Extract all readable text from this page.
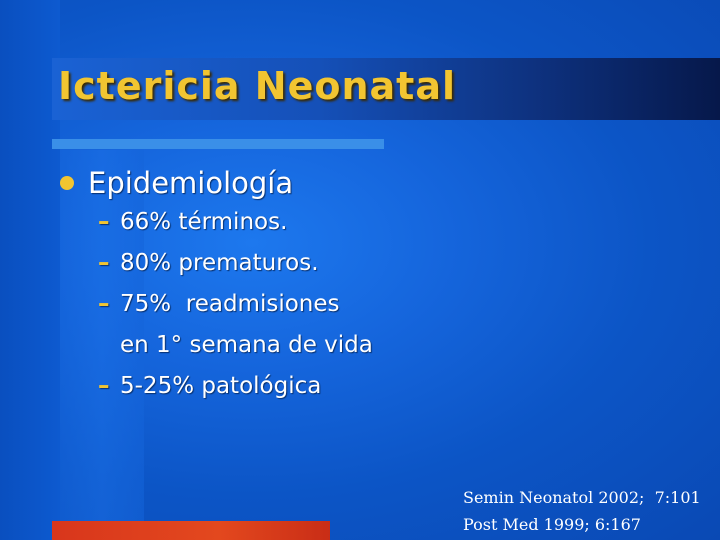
Ictericia Neonatal
Epidemiología
– 66% términos.
– 80% prematuros.
– 75%  readmisiones
en 1° semana de vida
– 5-25% patológica
Semin Neonatol 2002;  7:101
Post Med 1999; 6:167
